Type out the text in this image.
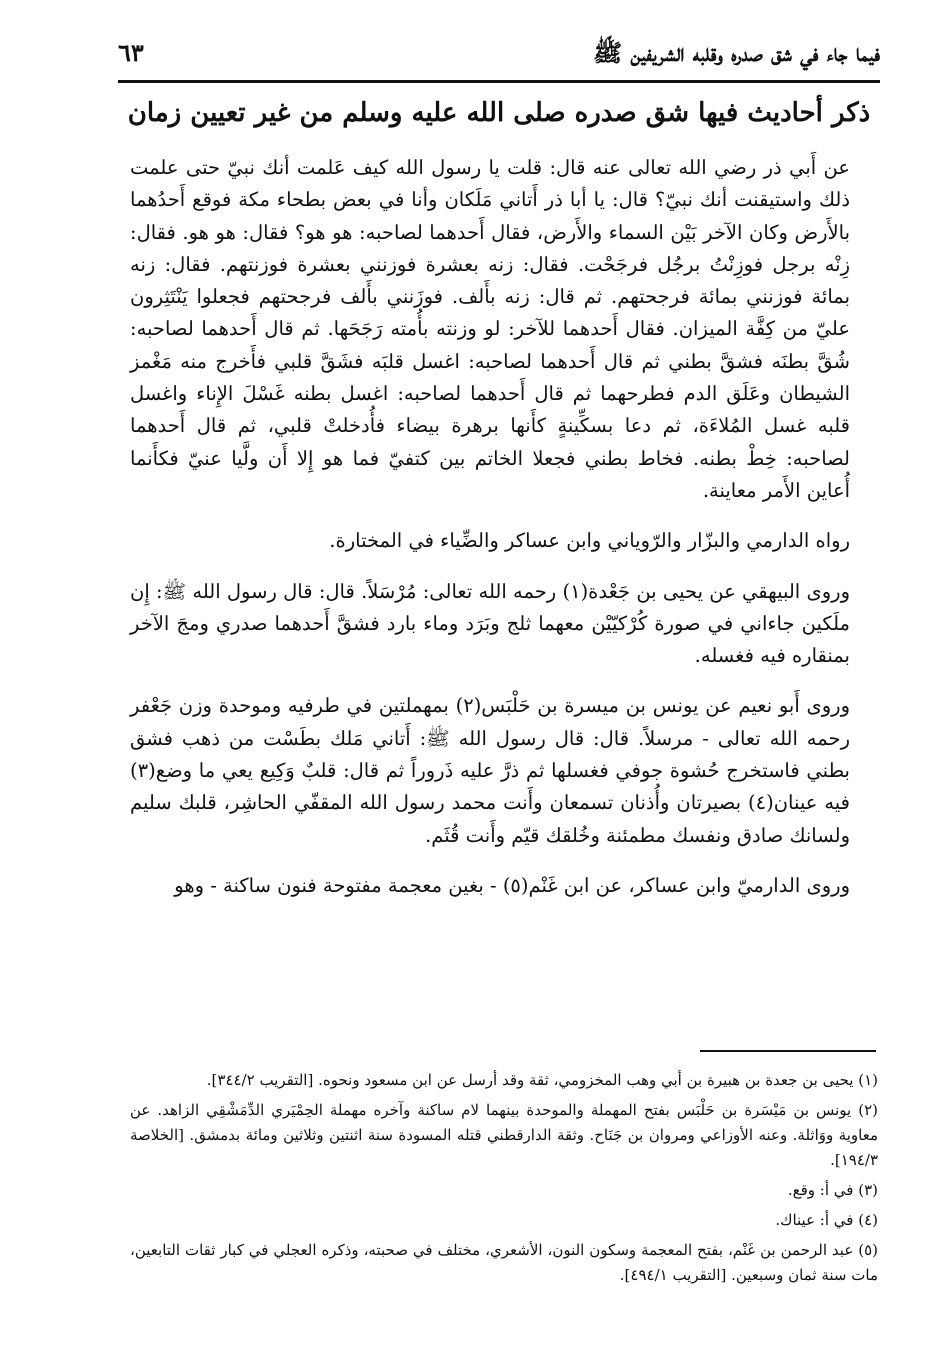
فيما جاء في شق صدره وقلبه الشريفين ﷺ
٦٣
ذكر أحاديث فيها شق صدره صلى الله عليه وسلم من غير تعيين زمان

عن أَبي ذر رضي الله تعالى عنه قال: قلت يا رسول الله كيف عَلمت أنك نبيّ حتى علمت ذلك واستيقنت أنك نبيّ؟ قال: يا أبا ذر أَتاني مَلَكان وأنا في بعض بطحاء مكة فوقع أَحدُهما بالأَرض وكان الآخر بَيْن السماء والأَرض، فقال أَحدهما لصاحبه: هو هو؟ فقال: هو هو. فقال: زِنْه برجل فوزِنْتُ برجُل فرجَحْت. فقال: زنه بعشرة فوزنني بعشرة فوزنتهم. فقال: زنه بمائة فوزنني بمائة فرجحتهم. ثم قال: زنه بأَلف. فوزَنني بأَلف فرجحتهم فجعلوا يَنْتَثِرون عليّ من كِفَّة الميزان. فقال أَحدهما للآخر: لو وزنته بأُمته رَجَحَها. ثم قال أَحدهما لصاحبه: شُقَّ بطنَه فشقَّ بطني ثم قال أَحدهما لصاحبه: اغسل قلبَه فشَقَّ قلبي فأَخرج منه مَغْمز الشيطان وعَلَق الدم فطرحهما ثم قال أَحدهما لصاحبه: اغسل بطنه غَسْلَ الإِناء واغسل قلبه غسل المُلاءَة، ثم دعا بسكِّينةٍ كأَنها برهرة بيضاء فأُدخلتْ قلبي، ثم قال أَحدهما لصاحبه: خِطْ بطنه. فخاط بطني فجعلا الخاتم بين كتفيّ فما هو إِلا أَن ولَّيا عنيّ فكأَنما أُعاين الأَمر معاينة.

رواه الدارمي والبزّار والرّوياني وابن عساكر والضِّياء في المختارة.

وروى البيهقي عن يحيى بن جَعْدة(١) رحمه الله تعالى: مُرْسَلاً. قال: قال رسول الله ﷺ: إِن ملَكين جاءاني في صورة كُرْكيّيْن معهما ثلج وبَرَد وماء بارد فشقَّ أَحدهما صدري ومجَ الآخر بمنقاره فيه فغسله.

وروى أَبو نعيم عن يونس بن ميسرة بن حَلْبَس(٢) بمهملتين في طرفيه وموحدة وزن جَعْفر رحمه الله تعالى - مرسلاً. قال: قال رسول الله ﷺ: أَتاني مَلك بطَسْت من ذهب فشق بطني فاستخرج حُشوة جوفي فغسلها ثم ذرَّ عليه ذَروراً ثم قال: قلبٌ وَكِيع يعي ما وضع(٣) فيه عينان(٤) بصيرتان وأُذنان تسمعان وأَنت محمد رسول الله المقفّي الحاشِر، قلبك سليم ولسانك صادق ونفسك مطمئنة وخُلقك قيّم وأَنت قُثَم.

وروى الدارميّ وابن عساكر، عن ابن غَنْم(٥) - بغين معجمة مفتوحة فنون ساكنة - وهو

(١) يحيى بن جعدة بن هبيرة بن أبي وهب المخزومي، ثقة وقد أرسل عن ابن مسعود ونحوه. [التقريب ٣٤٤/٢].
(٢) يونس بن مَيْسَرة بن حَلْبَس بفتح المهملة والموحدة بينهما لام ساكنة وآخره مهملة الحِمْيَري الدِّمَشْقِي الزاهد. عن معاوية ووَاثلة. وعنه الأوزاعي ومروان بن جَنَاح. وثقة الدارقطني قتله المسودة سنة اثنتين وثلاثين ومائة بدمشق. [الخلاصة ١٩٤/٣].
(٣) في أ: وقع.
(٤) في أ: عيناك.
(٥) عبد الرحمن بن غَنْم، بفتح المعجمة وسكون النون، الأشعري، مختلف في صحبته، وذكره العجلي في كبار ثقات التابعين، مات سنة ثمان وسبعين. [التقريب ٤٩٤/١].
